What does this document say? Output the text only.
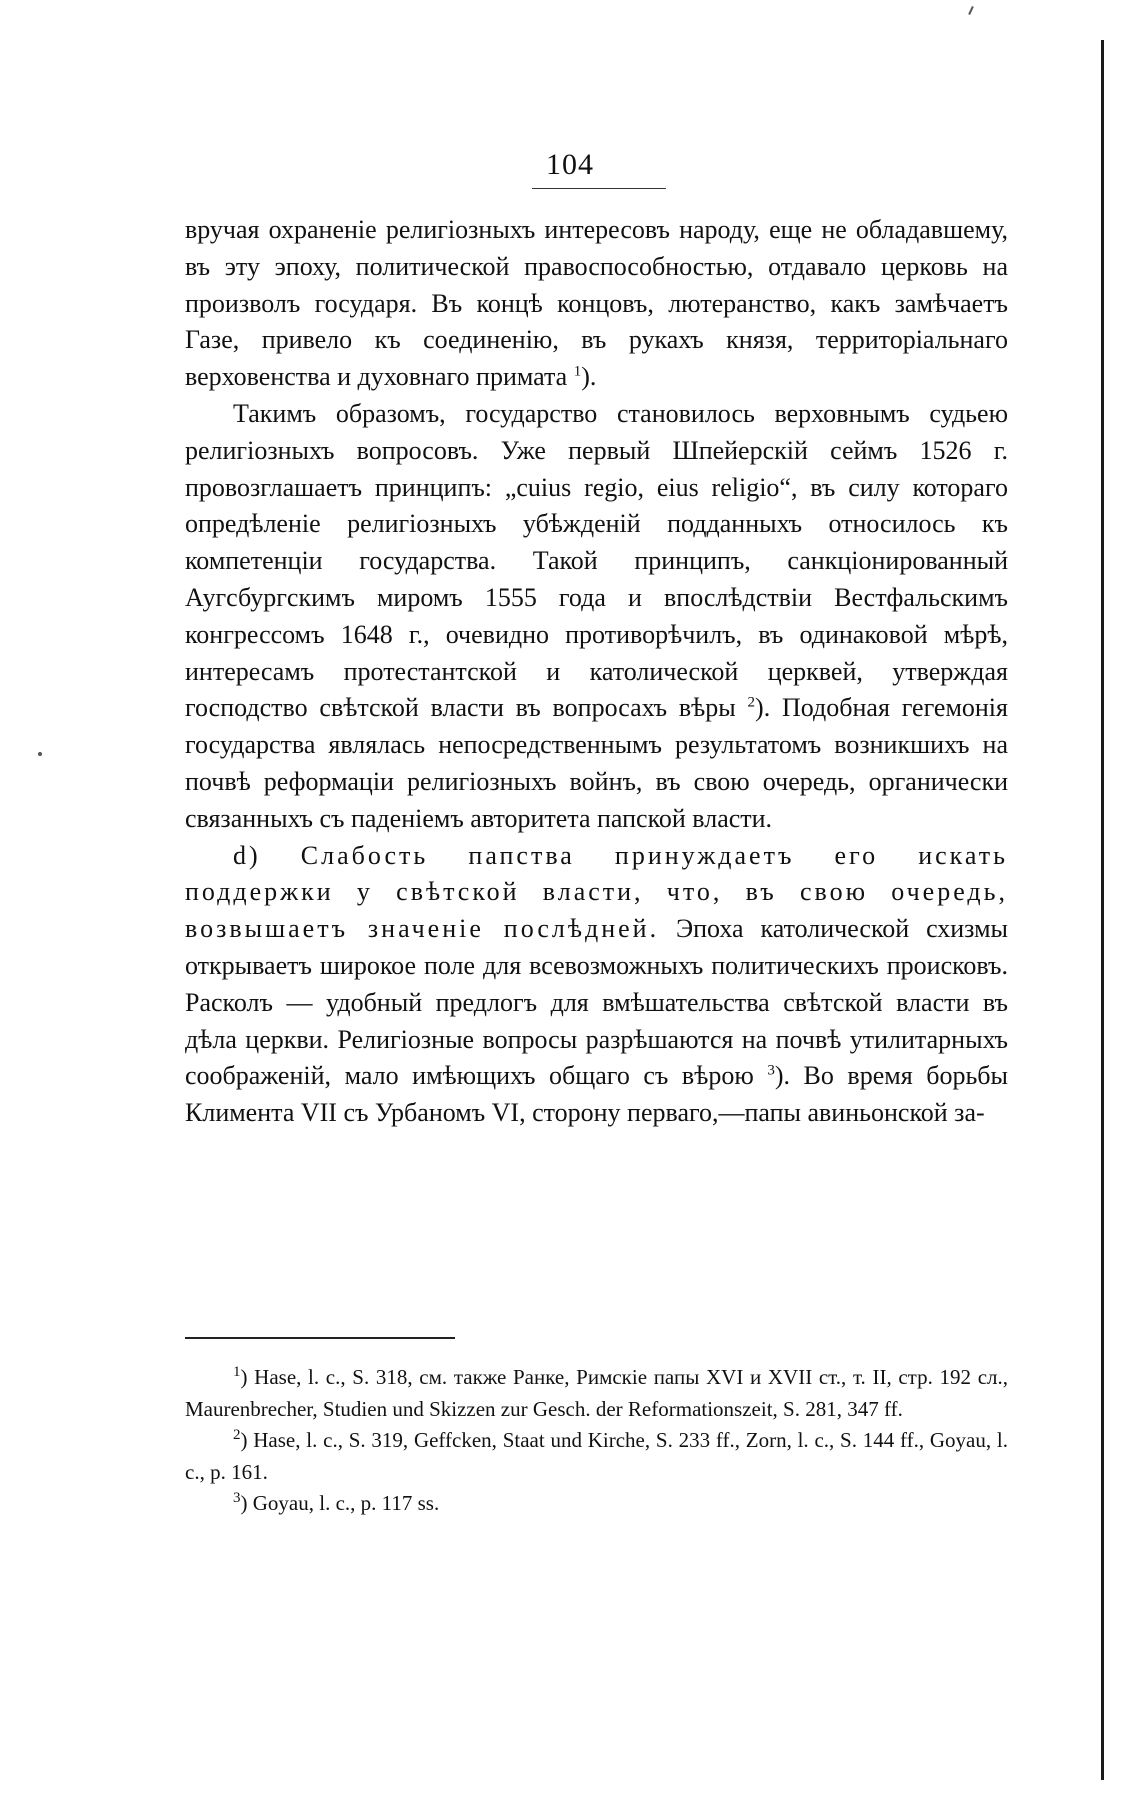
104

вручая охраненіе религіозныхъ интересовъ народу, еще не обладавшему, въ эту эпоху, политической правоспособностью, отдавало церковь на произволъ государя. Въ концѣ концовъ, лютеранство, какъ замѣчаетъ Газе, привело къ соединенію, въ рукахъ князя, территоріальнаго верховенства и духовнаго примата $^1$).

Такимъ образомъ, государство становилось верховнымъ судьею религіозныхъ вопросовъ. Уже первый Шпейерскій сеймъ 1526 г. провозглашаетъ принципъ: „cuius regio, eius religio“, въ силу котораго опредѣленіе религіозныхъ убѣжденій подданныхъ относилось къ компетенціи государства. Такой принципъ, санкціонированный Аугсбургскимъ миромъ 1555 года и впослѣдствіи Вестфальскимъ конгрессомъ 1648 г., очевидно противорѣчилъ, въ одинаковой мѣрѣ, интересамъ протестантской и католической церквей, утверждая господство свѣтской власти въ вопросахъ вѣры $^2$). Подобная гегемонія государства являлась непосредственнымъ результатомъ возникшихъ на почвѣ реформаціи религіозныхъ войнъ, въ свою очередь, органически связанныхъ съ паденіемъ авторитета папской власти.

d) Слабость папства принуждаетъ его искать поддержки у свѣтской власти, что, въ свою очередь, возвышаетъ значеніе послѣдней. Эпоха католической схизмы открываетъ широкое поле для всевозможныхъ политическихъ происковъ. Расколъ — удобный предлогъ для вмѣшательства свѣтской власти въ дѣла церкви. Религіозные вопросы разрѣшаются на почвѣ утилитарныхъ соображеній, мало имѣющихъ общаго съ вѣрою $^3$). Во время борьбы Климента VII съ Урбаномъ VI, сторону перваго,—папы авиньонской за-

$^1$) Hase, l. c., S. 318, см. также Ранке, Римскіе папы XVI и XVII ст., т. II, стр. 192 сл., Maurenbrecher, Studien und Skizzen zur Gesch. der Reformationszeit, S. 281, 347 ff.

$^2$) Hase, l. c., S. 319, Geffcken, Staat und Kirche, S. 233 ff., Zorn, l. c., S. 144 ff., Goyau, l. c., p. 161.

$^3$) Goyau, l. c., p. 117 ss.
